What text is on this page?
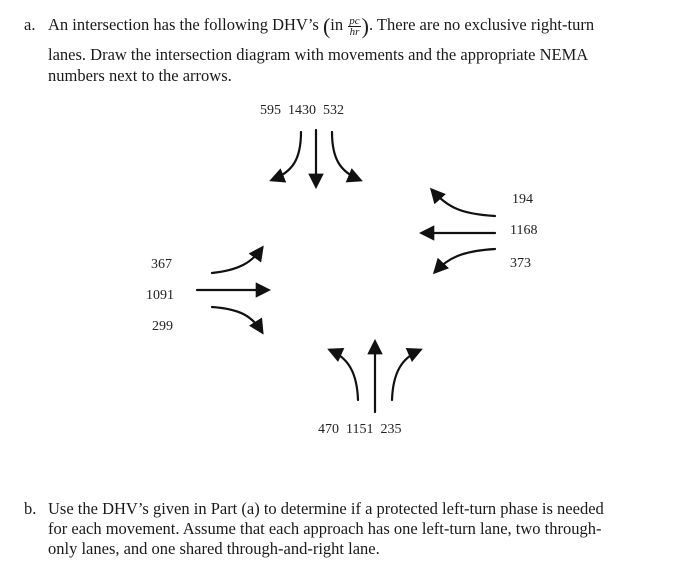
a. An intersection has the following DHV’s ($in \frac{pc}{hr}$ ). There are no exclusive right-turn
lanes. Draw the intersection diagram with movements and the appropriate NEMA
numbers next to the arrows.
595  1430  532
194
1168
373
367
1091
299
470  1151  235
b. Use the DHV’s given in Part (a) to determine if a protected left-turn phase is needed
for each movement. Assume that each approach has one left-turn lane, two through-
only lanes, and one shared through-and-right lane.
